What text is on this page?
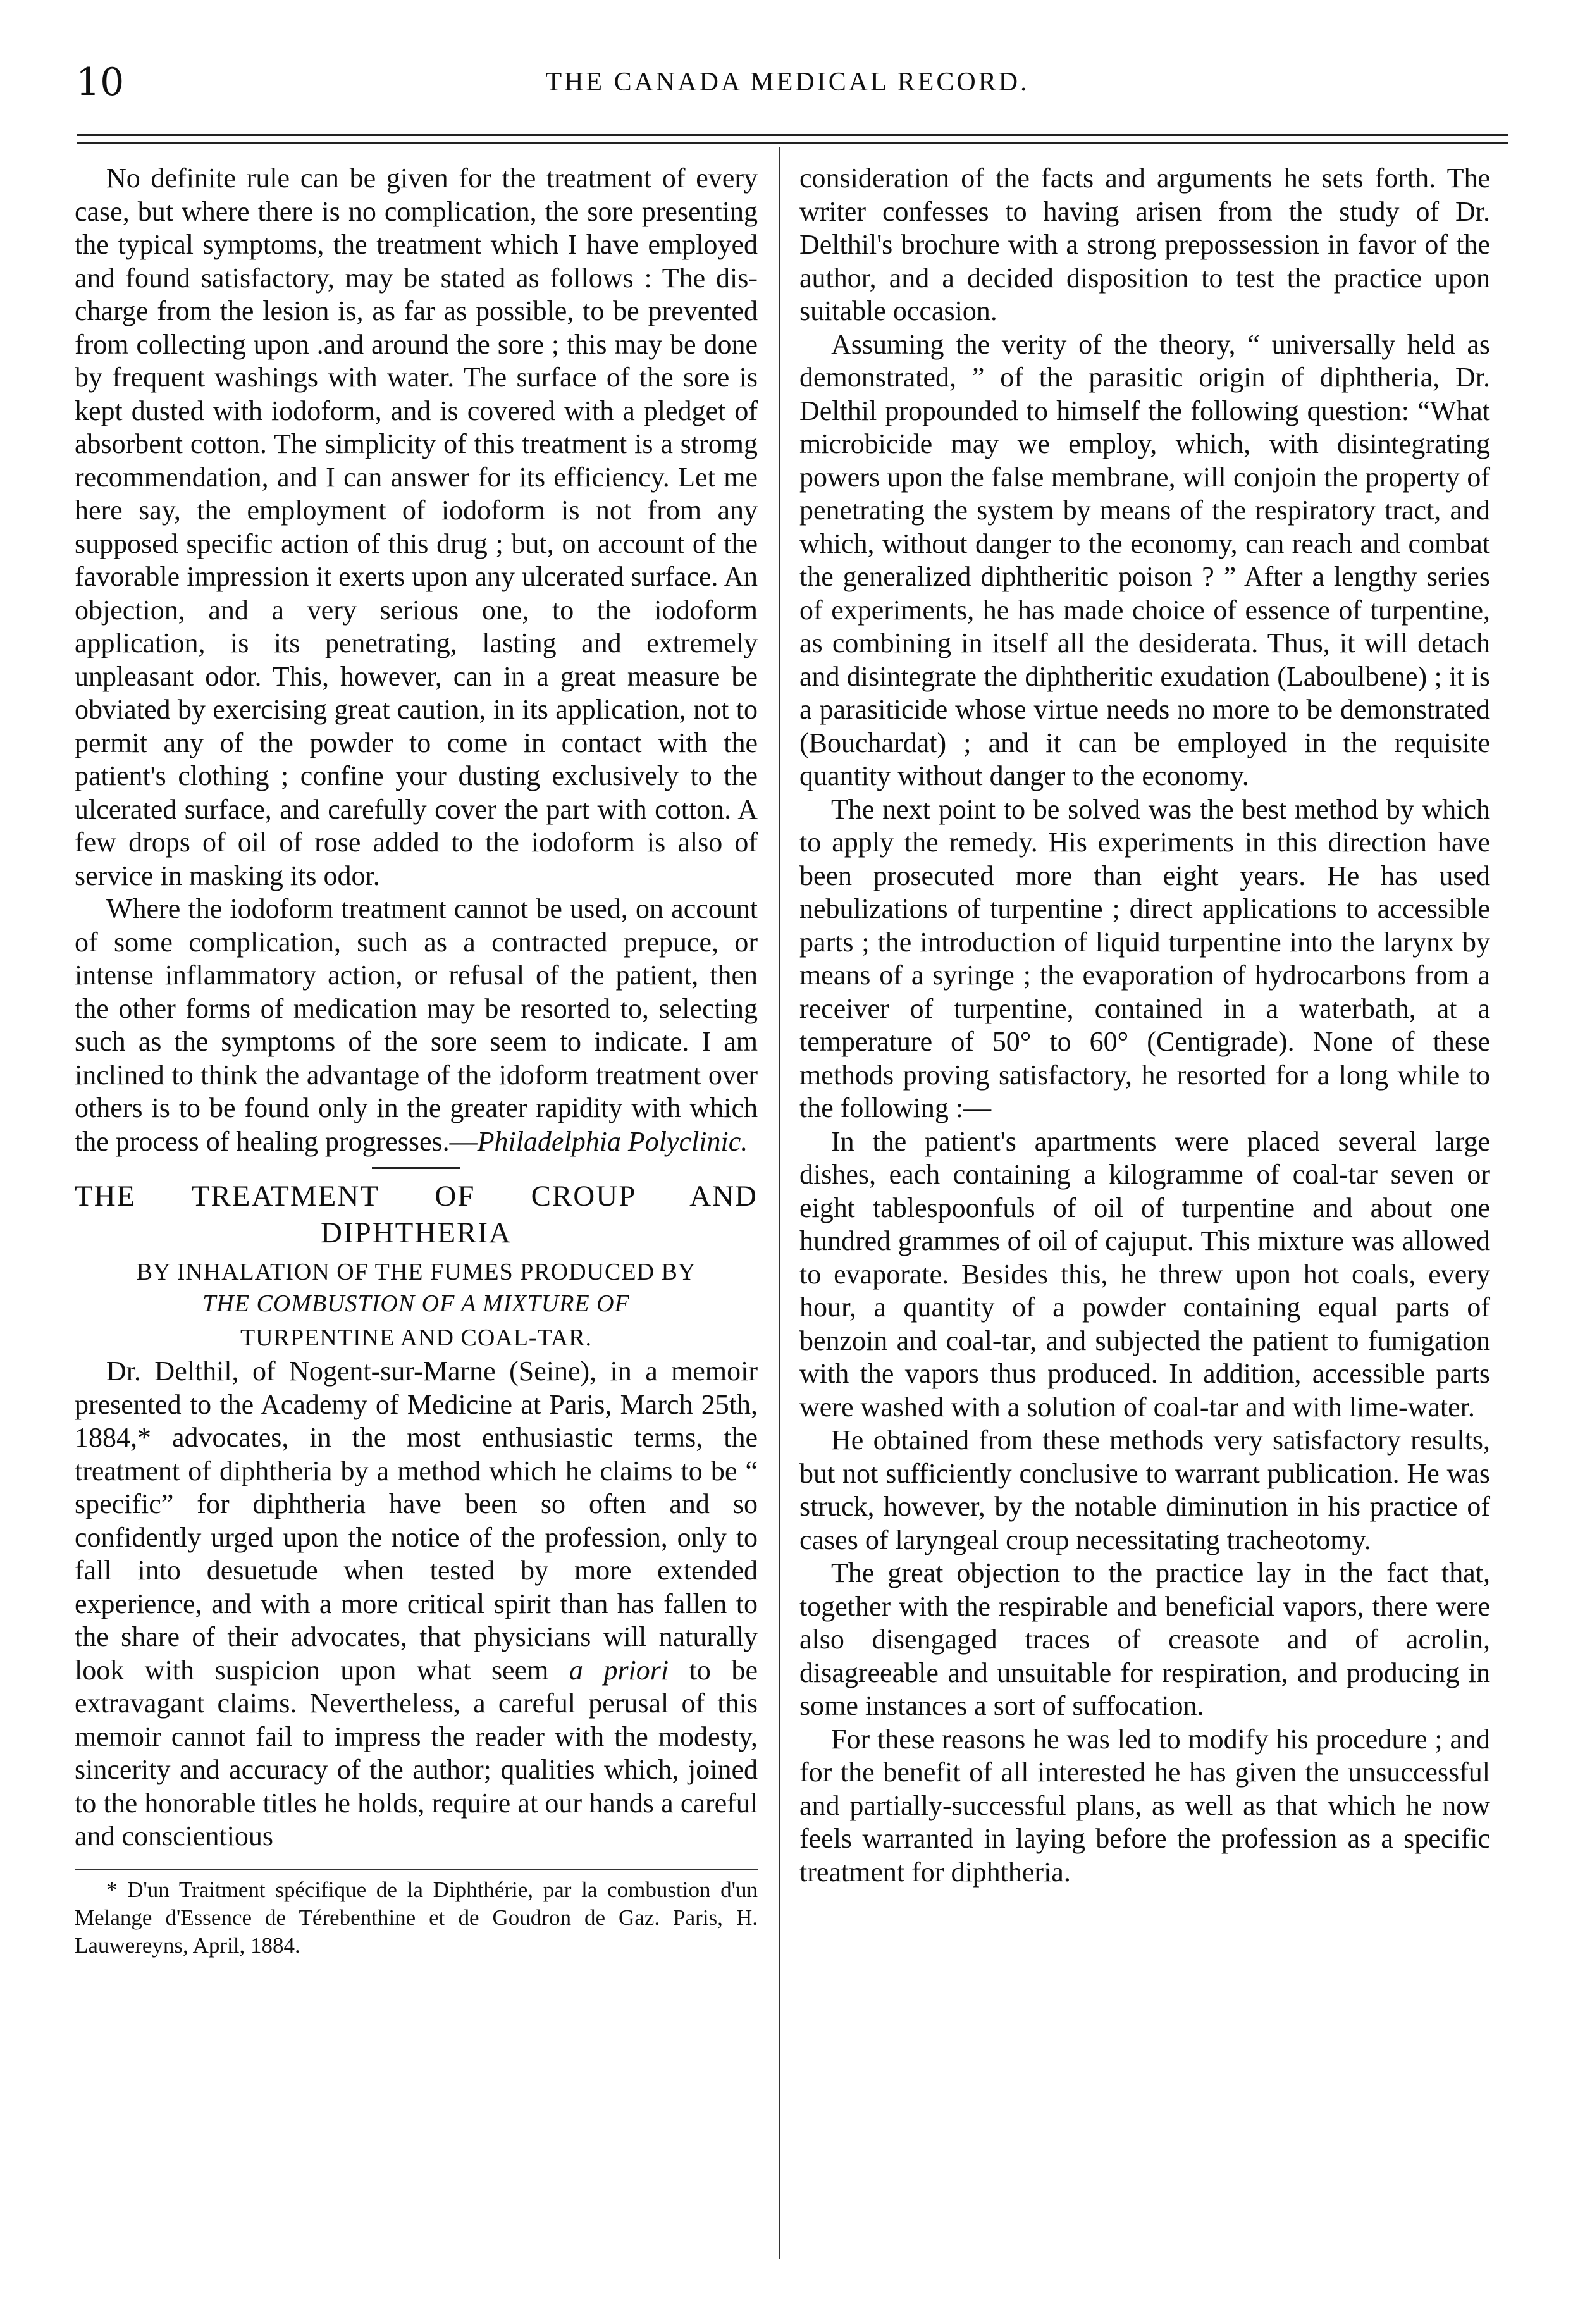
10	THE CANADA MEDICAL RECORD.

No definite rule can be given for the treatment of every case, but where there is no complication, the sore presenting the typical symptoms, the treatment which I have employed and found satisfactory, may be stated as follows : The discharge from the lesion is, as far as possible, to be prevented from collecting upon .and around the sore ; this may be done by frequent washings with water. The surface of the sore is kept dusted with iodoform, and is covered with a pledget of absorbent cotton. The simplicity of this treatment is a stromg recommendation, and I can answer for its efficiency. Let me here say, the employment of iodoform is not from any supposed specific action of this drug ; but, on account of the favorable impression it exerts upon any ulcerated surface. An objection, and a very serious one, to the iodoform application, is its penetrating, lasting and extremely unpleasant odor. This, however, can in a great measure be obviated by exercising great caution, in its application, not to permit any of the powder to come in contact with the patient's clothing ; confine your dusting exclusively to the ulcerated surface, and carefully cover the part with cotton. A few drops of oil of rose added to the iodoform is also of service in masking its odor.

Where the iodoform treatment cannot be used, on account of some complication, such as a contracted prepuce, or intense inflammatory action, or refusal of the patient, then the other forms of medication may be resorted to, selecting such as the symptoms of the sore seem to indicate. I am inclined to think the advantage of the idoform treatment over others is to be found only in the greater rapidity with which the process of healing progresses.—Philadelphia Polyclinic.

THE TREATMENT OF CROUP AND
DIPHTHERIA
BY INHALATION OF THE FUMES PRODUCED BY
THE COMBUSTION OF A MIXTURE OF
TURPENTINE AND COAL-TAR.

Dr. Delthil, of Nogent-sur-Marne (Seine), in a memoir presented to the Academy of Medicine at Paris, March 25th, 1884,* advocates, in the most enthusiastic terms, the treatment of diphtheria by a method which he claims to be “ specific” for diphtheria have been so often and so confidently urged upon the notice of the profession, only to fall into desuetude when tested by more extended experience, and with a more critical spirit than has fallen to the share of their advocates, that physicians will naturally look with suspicion upon what seem a priori to be extravagant claims. Nevertheless, a careful perusal of this memoir cannot fail to impress the reader with the modesty, sincerity and accuracy of the author; qualities which, joined to the honorable titles he holds, require at our hands a careful and conscientious

* D'un Traitment spécifique de la Diphthérie, par la combustion d'un Melange d'Essence de Térebenthine et de Goudron de Gaz. Paris, H. Lauwereyns, April, 1884.

consideration of the facts and arguments he sets forth. The writer confesses to having arisen from the study of Dr. Delthil's brochure with a strong prepossession in favor of the author, and a decided disposition to test the practice upon suitable occasion.

Assuming the verity of the theory, “ universally held as demonstrated, ” of the parasitic origin of diphtheria, Dr. Delthil propounded to himself the following question: “What microbicide may we employ, which, with disintegrating powers upon the false membrane, will conjoin the property of penetrating the system by means of the respiratory tract, and which, without danger to the economy, can reach and combat the generalized diphtheritic poison ? ” After a lengthy series of experiments, he has made choice of essence of turpentine, as combining in itself all the desiderata. Thus, it will detach and disintegrate the diphtheritic exudation (Laboulbene) ; it is a parasiticide whose virtue needs no more to be demonstrated (Bouchardat) ; and it can be employed in the requisite quantity without danger to the economy.

The next point to be solved was the best method by which to apply the remedy. His experiments in this direction have been prosecuted more than eight years. He has used nebulizations of turpentine ; direct applications to accessible parts ; the introduction of liquid turpentine into the larynx by means of a syringe ; the evaporation of hydrocarbons from a receiver of turpentine, contained in a waterbath, at a temperature of 50° to 60° (Centigrade). None of these methods proving satisfactory, he resorted for a long while to the following :—

In the patient's apartments were placed several large dishes, each containing a kilogramme of coal-tar seven or eight tablespoonfuls of oil of turpentine and about one hundred grammes of oil of cajuput. This mixture was allowed to evaporate. Besides this, he threw upon hot coals, every hour, a quantity of a powder containing equal parts of benzoin and coal-tar, and subjected the patient to fumigation with the vapors thus produced. In addition, accessible parts were washed with a solution of coal-tar and with lime-water.

He obtained from these methods very satisfactory results, but not sufficiently conclusive to warrant publication. He was struck, however, by the notable diminution in his practice of cases of laryngeal croup necessitating tracheotomy.

The great objection to the practice lay in the fact that, together with the respirable and beneficial vapors, there were also disengaged traces of creasote and of acrolin, disagreeable and unsuitable for respiration, and producing in some instances a sort of suffocation.

For these reasons he was led to modify his procedure ; and for the benefit of all interested he has given the unsuccessful and partially-successful plans, as well as that which he now feels warranted in laying before the profession as a specific treatment for diphtheria.
